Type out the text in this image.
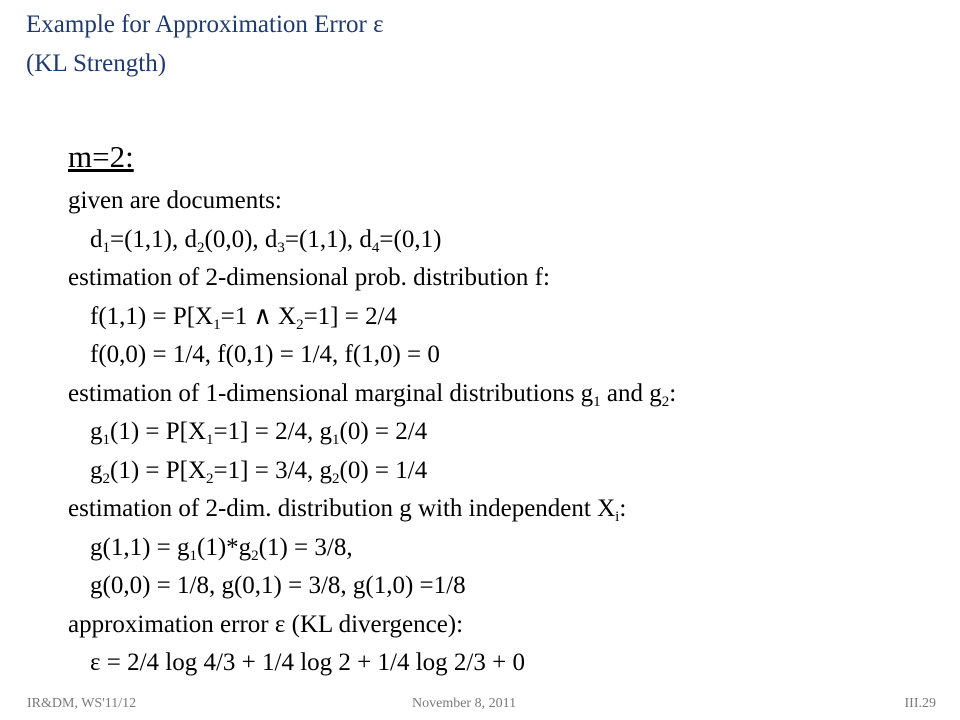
Example for Approximation Error ε
(KL Strength)
m=2:
given are documents:
$d_1=(1,1)$, $d_2(0,0)$, $d_3=(1,1)$, $d_4=(0,1)$
estimation of 2-dimensional prob. distribution f:
$f(1,1) = P[X_1=1$ ∧ $X_2=1] = 2/4$
f(0,0) = 1/4, f(0,1) = 1/4, f(1,0) = 0
estimation of 1-dimensional marginal distributions $g_1$ and $g_2$:
$g_1(1) = P[X_1=1] = 2/4$, $g_1(0) = 2/4$
$g_2(1) = P[X_2=1] = 3/4$, $g_2(0) = 1/4$
estimation of 2-dim. distribution g with independent $X_i$:
$g(1,1) = g_1(1)*g_2(1) = 3/8$,
g(0,0) = 1/8, g(0,1) = 3/8, g(1,0) =1/8
approximation error ε (KL divergence):
ε = 2/4 log 4/3 + 1/4 log 2 + 1/4 log 2/3 + 0
IR&DM, WS'11/12	November 8, 2011	III.29
